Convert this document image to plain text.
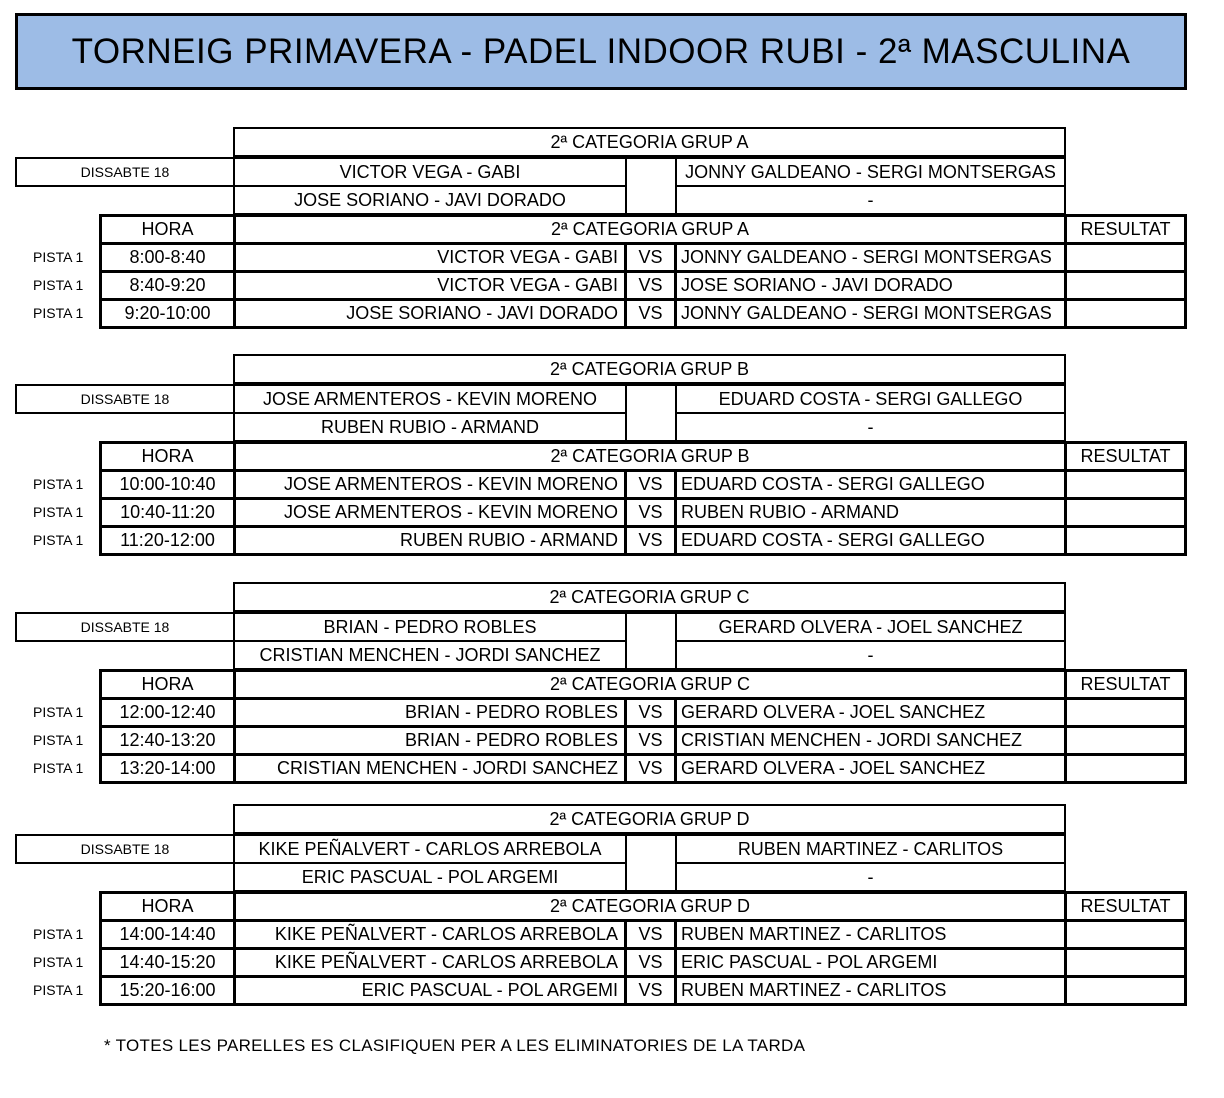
TORNEIG PRIMAVERA - PADEL INDOOR RUBI - 2ª MASCULINA
2ª CATEGORIA GRUP A
DISSABTE 18	VICTOR VEGA - GABI	JONNY GALDEANO - SERGI MONTSERGAS
JOSE SORIANO - JAVI DORADO	-
HORA	2ª CATEGORIA GRUP A	RESULTAT
PISTA 1	8:00-8:40	VICTOR VEGA - GABI	VS	JONNY GALDEANO - SERGI MONTSERGAS
PISTA 1	8:40-9:20	VICTOR VEGA - GABI	VS	JOSE SORIANO - JAVI DORADO
PISTA 1	9:20-10:00	JOSE SORIANO - JAVI DORADO	VS	JONNY GALDEANO - SERGI MONTSERGAS
2ª CATEGORIA GRUP B
DISSABTE 18	JOSE ARMENTEROS - KEVIN MORENO	EDUARD COSTA - SERGI GALLEGO
RUBEN RUBIO - ARMAND	-
HORA	2ª CATEGORIA GRUP B	RESULTAT
PISTA 1	10:00-10:40	JOSE ARMENTEROS - KEVIN MORENO	VS	EDUARD COSTA - SERGI GALLEGO
PISTA 1	10:40-11:20	JOSE ARMENTEROS - KEVIN MORENO	VS	RUBEN RUBIO - ARMAND
PISTA 1	11:20-12:00	RUBEN RUBIO - ARMAND	VS	EDUARD COSTA - SERGI GALLEGO
2ª CATEGORIA GRUP C
DISSABTE 18	BRIAN - PEDRO ROBLES	GERARD OLVERA - JOEL SANCHEZ
CRISTIAN MENCHEN - JORDI SANCHEZ	-
HORA	2ª CATEGORIA GRUP C	RESULTAT
PISTA 1	12:00-12:40	BRIAN - PEDRO ROBLES	VS	GERARD OLVERA - JOEL SANCHEZ
PISTA 1	12:40-13:20	BRIAN - PEDRO ROBLES	VS	CRISTIAN MENCHEN - JORDI SANCHEZ
PISTA 1	13:20-14:00	CRISTIAN MENCHEN - JORDI SANCHEZ	VS	GERARD OLVERA - JOEL SANCHEZ
2ª CATEGORIA GRUP D
DISSABTE 18	KIKE PEÑALVERT - CARLOS ARREBOLA	RUBEN MARTINEZ - CARLITOS
ERIC PASCUAL - POL ARGEMI	-
HORA	2ª CATEGORIA GRUP D	RESULTAT
PISTA 1	14:00-14:40	KIKE PEÑALVERT - CARLOS ARREBOLA	VS	RUBEN MARTINEZ - CARLITOS
PISTA 1	14:40-15:20	KIKE PEÑALVERT - CARLOS ARREBOLA	VS	ERIC PASCUAL - POL ARGEMI
PISTA 1	15:20-16:00	ERIC PASCUAL - POL ARGEMI	VS	RUBEN MARTINEZ - CARLITOS
* TOTES LES PARELLES ES CLASIFIQUEN PER A LES ELIMINATORIES DE LA TARDA
